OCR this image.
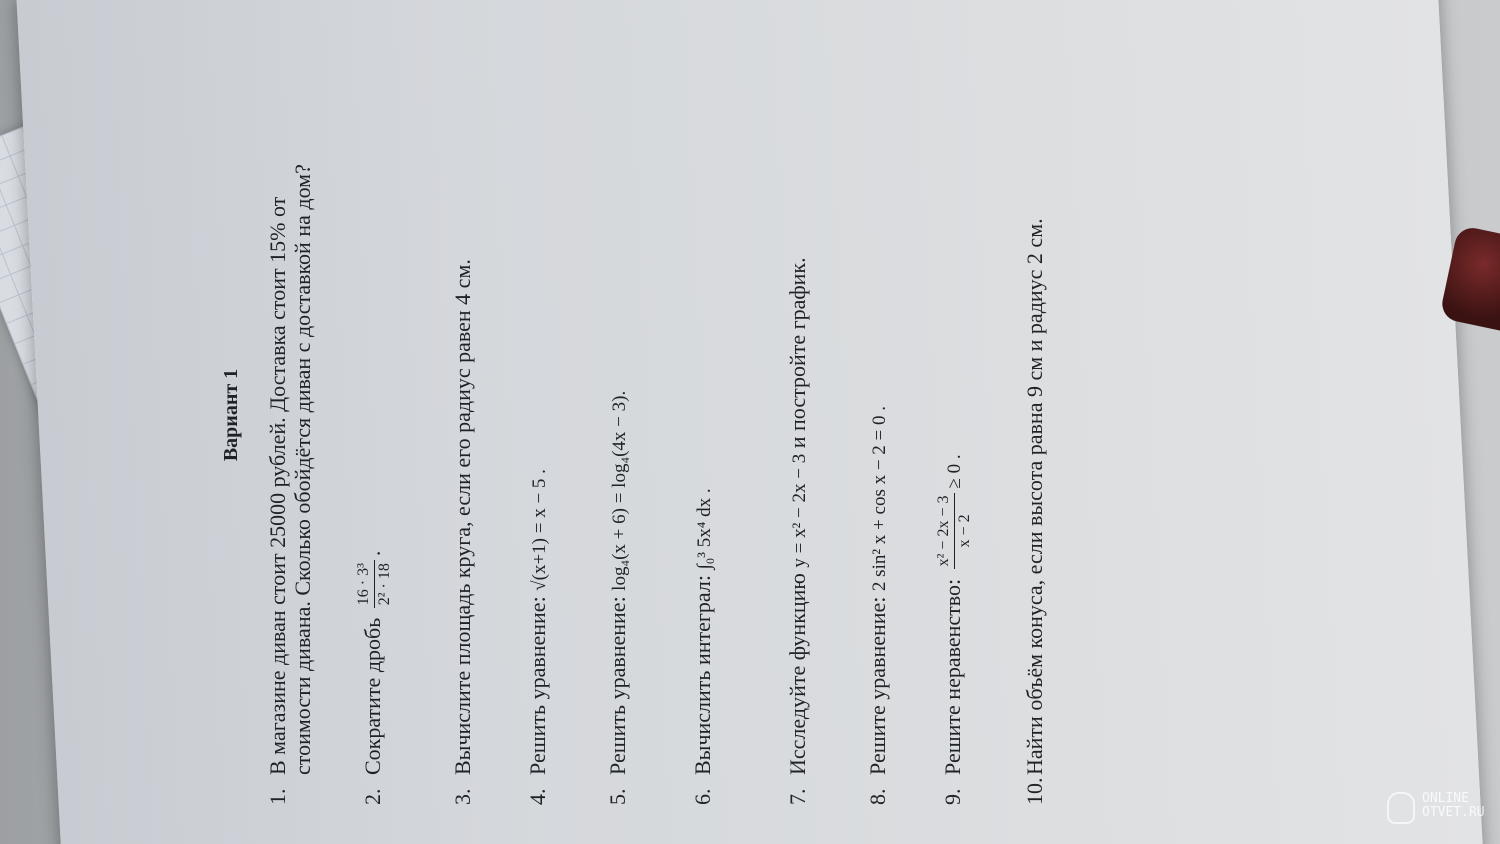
Вариант 1
1.В магазине диван стоит 25000 рублей. Доставка стоит 15% от стоимости дивана. Сколько обойдётся диван с доставкой на дом?
2.Сократите дробь
16 · 3³ 2² · 18
.
3.Вычислите площадь круга, если его радиус равен 4 см.
4.Решить уравнение: √(x+1) = x − 5 .
5.Решить уравнение: log₄(x + 6) = log₄(4x − 3).
6.Вычислить интеграл: ∫₀³ 5x⁴ dx .
7.Исследуйте функцию y = x² − 2x − 3 и постройте график.
8.Решите уравнение: 2 sin² x + cos x − 2 = 0 .
9.Решите неравенство:
x² − 2x − 3 x − 2
≥ 0 .
10.Найти объём конуса, если высота равна 9 см и радиус 2 см.
ONLINE
OTVET.RU
